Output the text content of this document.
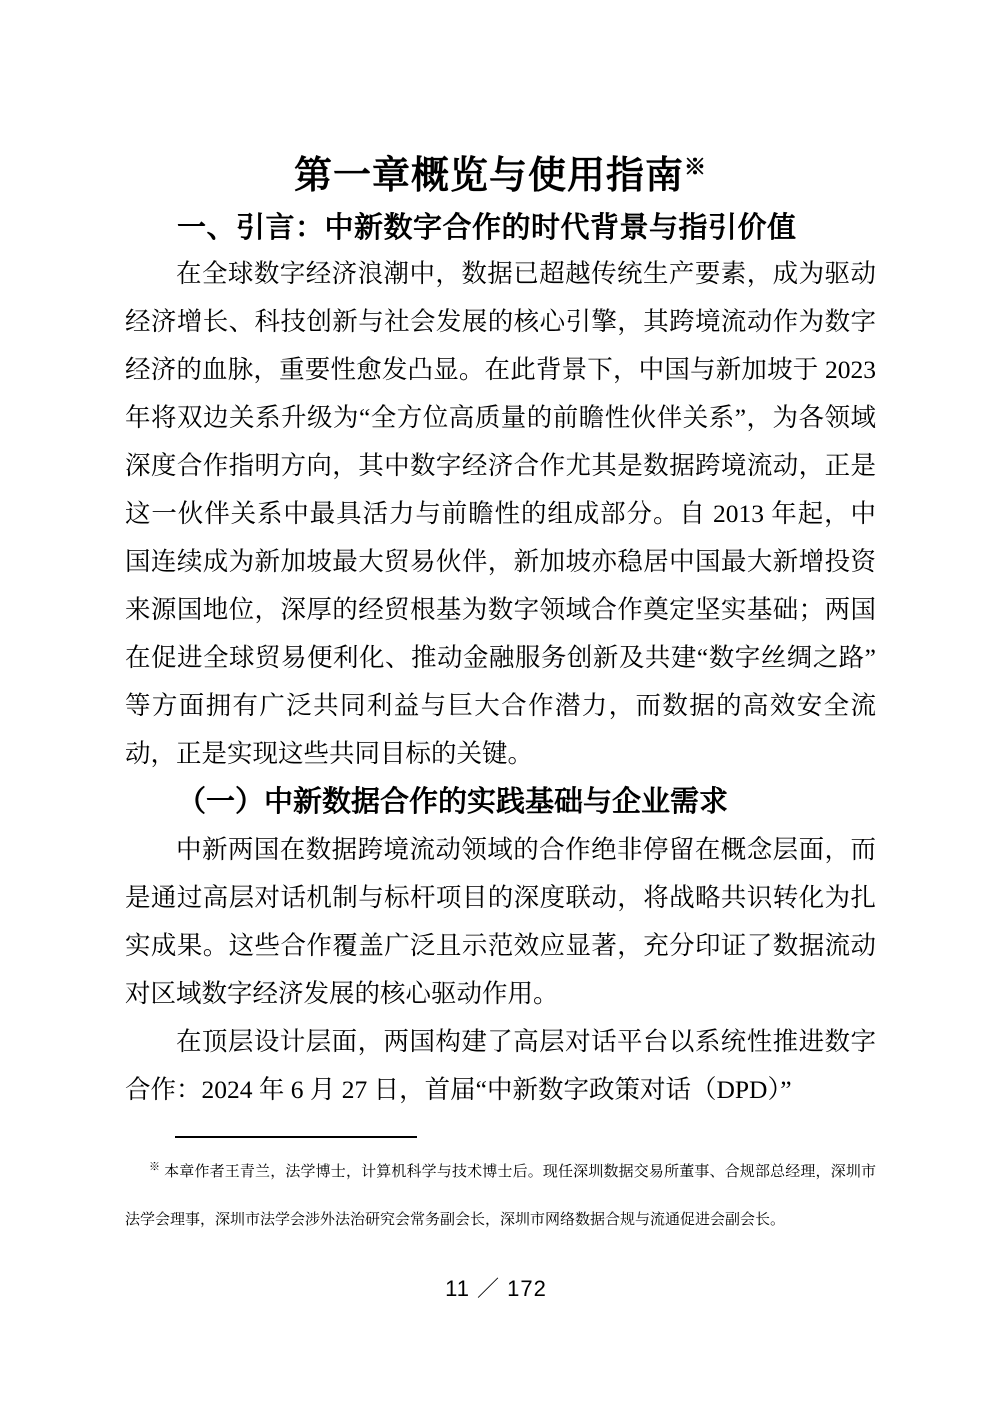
第一章概览与使用指南※
一、引言：中新数字合作的时代背景与指引价值

在全球数字经济浪潮中，数据已超越传统生产要素，成为驱动经济增长、科技创新与社会发展的核心引擎，其跨境流动作为数字经济的血脉，重要性愈发凸显。在此背景下，中国与新加坡于 2023 年将双边关系升级为“全方位高质量的前瞻性伙伴关系”，为各领域深度合作指明方向，其中数字经济合作尤其是数据跨境流动，正是这一伙伴关系中最具活力与前瞻性的组成部分。自 2013 年起，中国连续成为新加坡最大贸易伙伴，新加坡亦稳居中国最大新增投资来源国地位，深厚的经贸根基为数字领域合作奠定坚实基础；两国在促进全球贸易便利化、推动金融服务创新及共建“数字丝绸之路”等方面拥有广泛共同利益与巨大合作潜力，而数据的高效安全流动，正是实现这些共同目标的关键。

（一）中新数据合作的实践基础与企业需求

中新两国在数据跨境流动领域的合作绝非停留在概念层面，而是通过高层对话机制与标杆项目的深度联动，将战略共识转化为扎实成果。这些合作覆盖广泛且示范效应显著，充分印证了数据流动对区域数字经济发展的核心驱动作用。

在顶层设计层面，两国构建了高层对话平台以系统性推进数字合作：2024 年 6 月 27 日，首届“中新数字政策对话（DPD）”

※ 本章作者王青兰，法学博士，计算机科学与技术博士后。现任深圳数据交易所董事、合规部总经理，深圳市法学会理事，深圳市法学会涉外法治研究会常务副会长，深圳市网络数据合规与流通促进会副会长。

11 ／ 172
